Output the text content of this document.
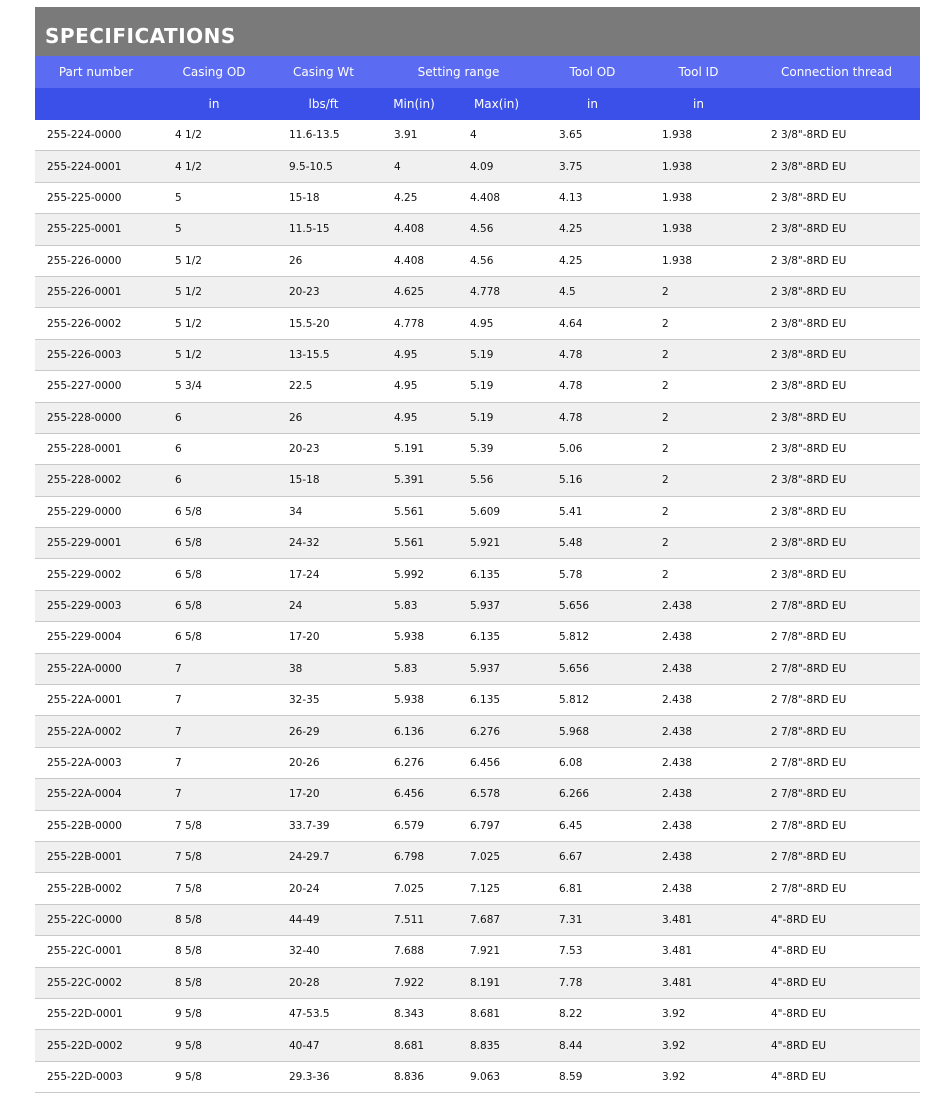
SPECIFICATIONS
Part number	Casing OD	Casing Wt	Setting range		Tool OD	Tool ID	Connection thread
	in	lbs/ft	Min(in)	Max(in)	in	in	
255-224-0000	4 1/2	11.6-13.5	3.91	4	3.65	1.938	2 3/8"-8RD EU
255-224-0001	4 1/2	9.5-10.5	4	4.09	3.75	1.938	2 3/8"-8RD EU
255-225-0000	5	15-18	4.25	4.408	4.13	1.938	2 3/8"-8RD EU
255-225-0001	5	11.5-15	4.408	4.56	4.25	1.938	2 3/8"-8RD EU
255-226-0000	5 1/2	26	4.408	4.56	4.25	1.938	2 3/8"-8RD EU
255-226-0001	5 1/2	20-23	4.625	4.778	4.5	2	2 3/8"-8RD EU
255-226-0002	5 1/2	15.5-20	4.778	4.95	4.64	2	2 3/8"-8RD EU
255-226-0003	5 1/2	13-15.5	4.95	5.19	4.78	2	2 3/8"-8RD EU
255-227-0000	5 3/4	22.5	4.95	5.19	4.78	2	2 3/8"-8RD EU
255-228-0000	6	26	4.95	5.19	4.78	2	2 3/8"-8RD EU
255-228-0001	6	20-23	5.191	5.39	5.06	2	2 3/8"-8RD EU
255-228-0002	6	15-18	5.391	5.56	5.16	2	2 3/8"-8RD EU
255-229-0000	6 5/8	34	5.561	5.609	5.41	2	2 3/8"-8RD EU
255-229-0001	6 5/8	24-32	5.561	5.921	5.48	2	2 3/8"-8RD EU
255-229-0002	6 5/8	17-24	5.992	6.135	5.78	2	2 3/8"-8RD EU
255-229-0003	6 5/8	24	5.83	5.937	5.656	2.438	2 7/8"-8RD EU
255-229-0004	6 5/8	17-20	5.938	6.135	5.812	2.438	2 7/8"-8RD EU
255-22A-0000	7	38	5.83	5.937	5.656	2.438	2 7/8"-8RD EU
255-22A-0001	7	32-35	5.938	6.135	5.812	2.438	2 7/8"-8RD EU
255-22A-0002	7	26-29	6.136	6.276	5.968	2.438	2 7/8"-8RD EU
255-22A-0003	7	20-26	6.276	6.456	6.08	2.438	2 7/8"-8RD EU
255-22A-0004	7	17-20	6.456	6.578	6.266	2.438	2 7/8"-8RD EU
255-22B-0000	7 5/8	33.7-39	6.579	6.797	6.45	2.438	2 7/8"-8RD EU
255-22B-0001	7 5/8	24-29.7	6.798	7.025	6.67	2.438	2 7/8"-8RD EU
255-22B-0002	7 5/8	20-24	7.025	7.125	6.81	2.438	2 7/8"-8RD EU
255-22C-0000	8 5/8	44-49	7.511	7.687	7.31	3.481	4"-8RD EU
255-22C-0001	8 5/8	32-40	7.688	7.921	7.53	3.481	4"-8RD EU
255-22C-0002	8 5/8	20-28	7.922	8.191	7.78	3.481	4"-8RD EU
255-22D-0001	9 5/8	47-53.5	8.343	8.681	8.22	3.92	4"-8RD EU
255-22D-0002	9 5/8	40-47	8.681	8.835	8.44	3.92	4"-8RD EU
255-22D-0003	9 5/8	29.3-36	8.836	9.063	8.59	3.92	4"-8RD EU
